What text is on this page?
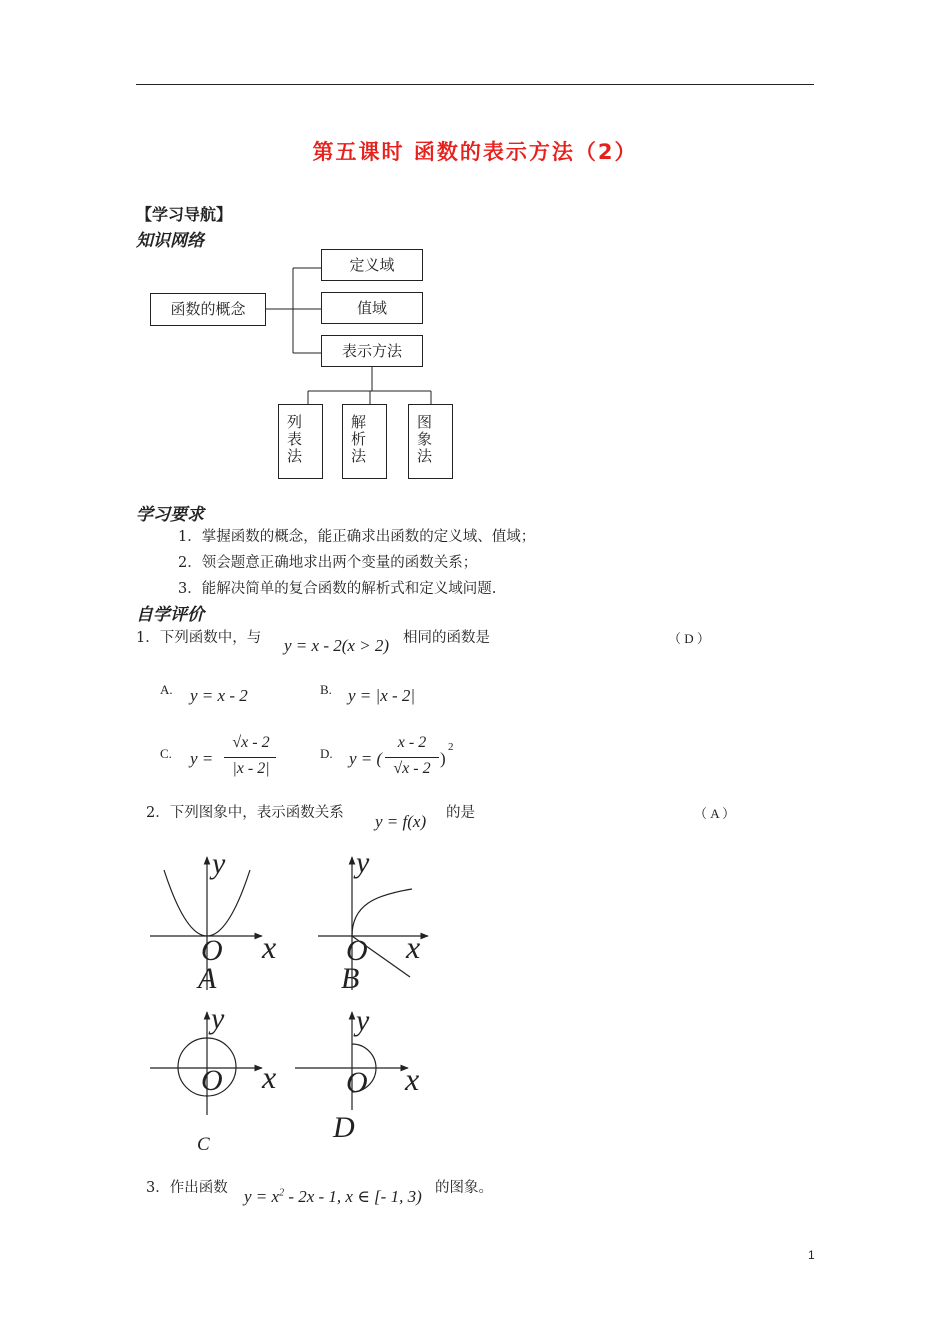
第五课时 函数的表示方法（2）
【学习导航】
知识网络
函数的概念
定义域
值域
表示方法
列
表
法
解
析
法
图
象
法
学习要求
1．掌握函数的概念，能正确求出函数的定义域、值域；
2．领会题意正确地求出两个变量的函数关系；
3．能解决简单的复合函数的解析式和定义域问题.
自学评价
1．下列函数中，与 y = x - 2(x > 2) 相同的函数是	（ D ）
A. y = x - 2	B. y = |x - 2|
C. y =
√x - 2
|x - 2|
D. y = (
x - 2
√x - 2
)
2
2．下列图象中，表示函数关系 y = f(x) 的是	（ A ）
y
O x
A
y
O x
B
y
O x
C
y
O x
D
3．作出函数 $y = x^2 - 2x - 1$, x ∈ [- 1, 3) 的图象。
1
